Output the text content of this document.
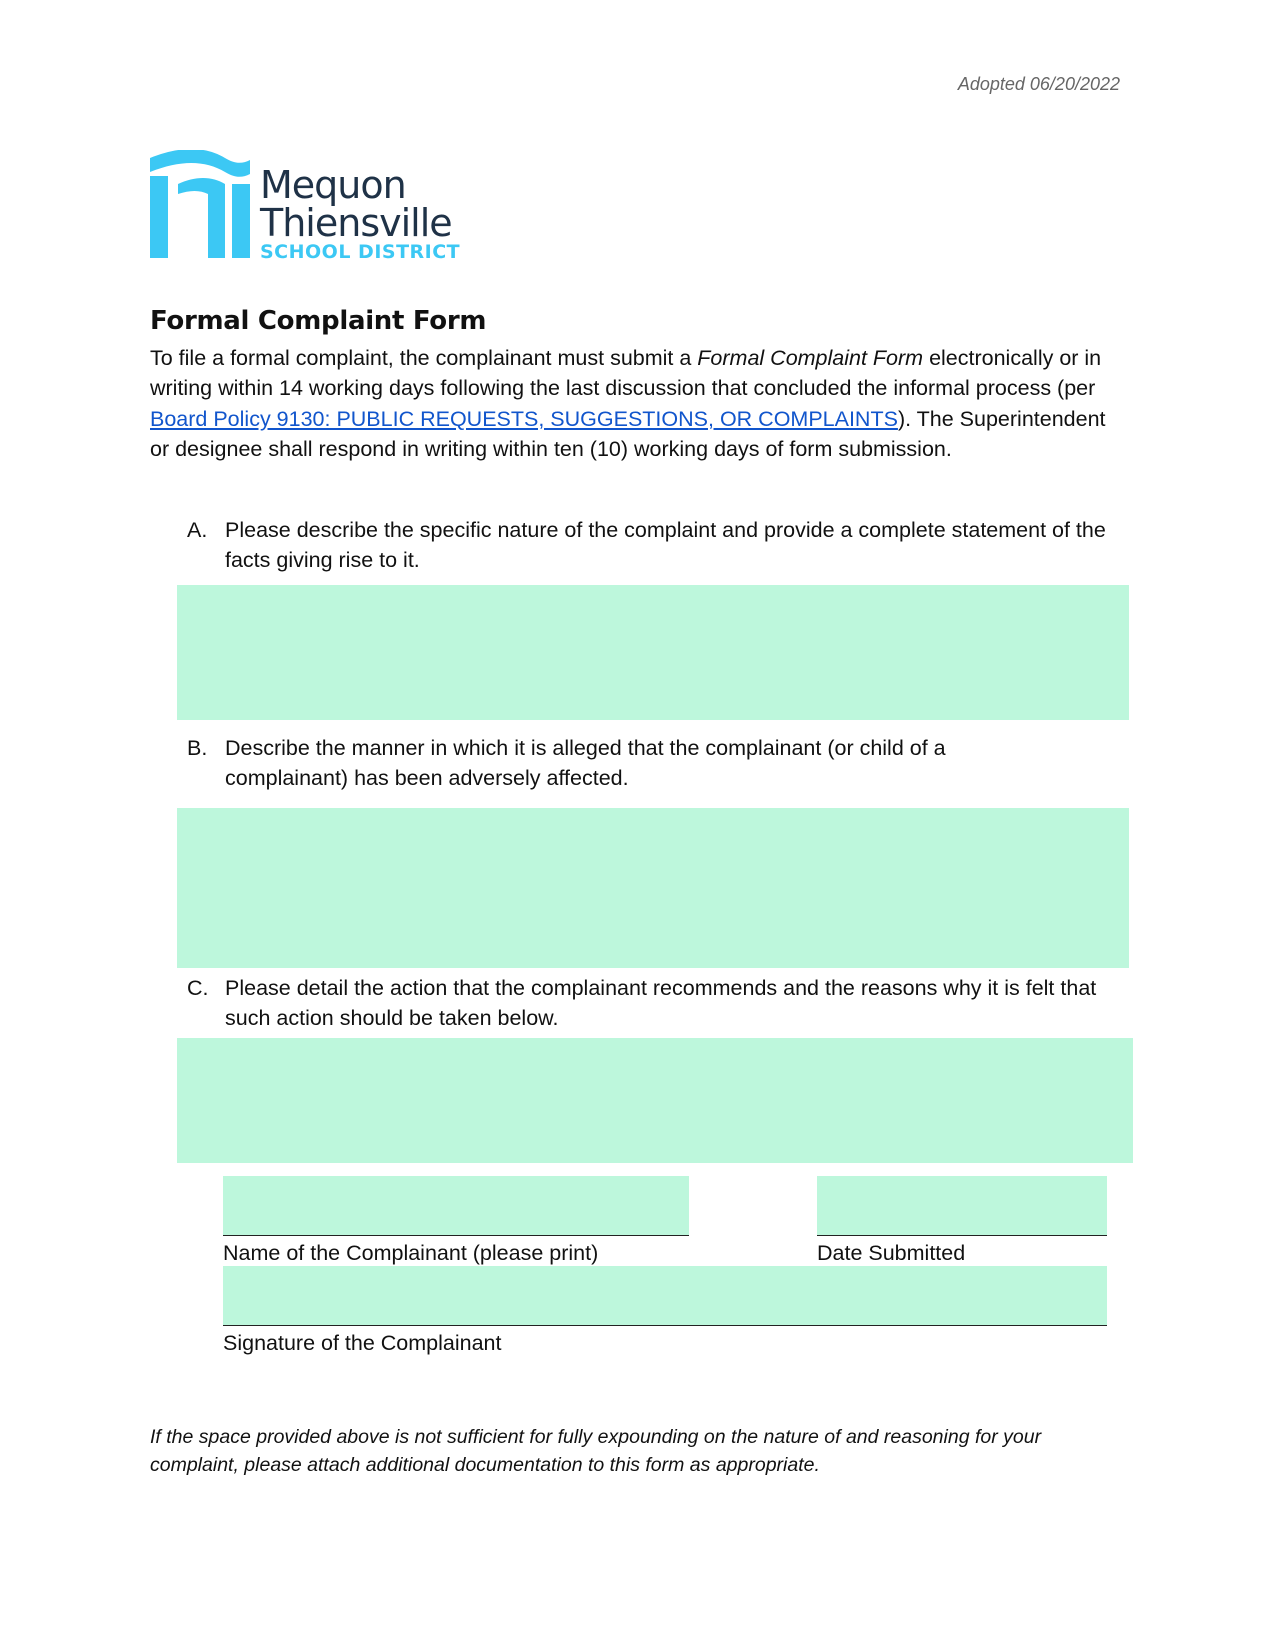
Adopted 06/20/2022
Mequon
Thiensville
SCHOOL DISTRICT
Formal Complaint Form
To file a formal complaint, the complainant must submit a Formal Complaint Form electronically or in writing within 14 working days following the last discussion that concluded the informal process (per Board Policy 9130: PUBLIC REQUESTS, SUGGESTIONS, OR COMPLAINTS). The Superintendent or designee shall respond in writing within ten (10) working days of form submission.
A. Please describe the specific nature of the complaint and provide a complete statement of the facts giving rise to it.
B. Describe the manner in which it is alleged that the complainant (or child of a complainant) has been adversely affected.
C. Please detail the action that the complainant recommends and the reasons why it is felt that such action should be taken below.
Name of the Complainant (please print)	Date Submitted
Signature of the Complainant
If the space provided above is not sufficient for fully expounding on the nature of and reasoning for your complaint, please attach additional documentation to this form as appropriate.
